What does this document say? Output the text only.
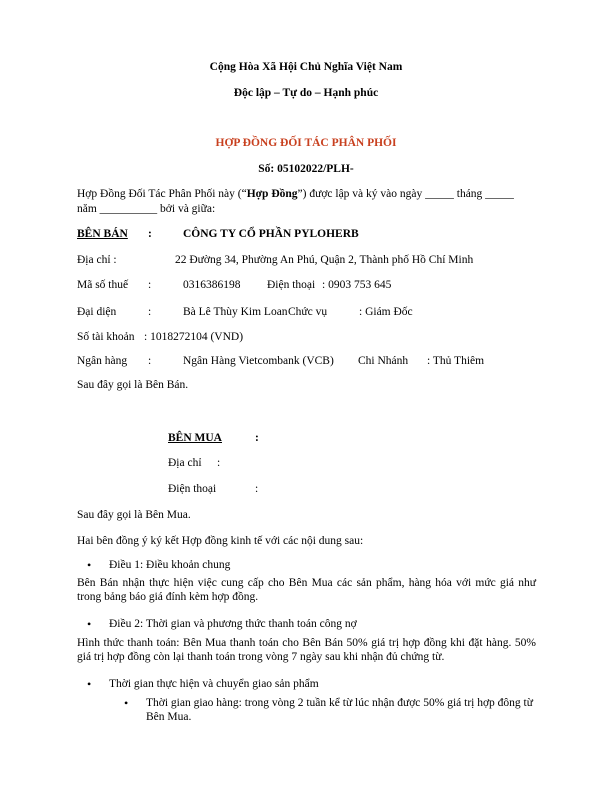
Cộng Hòa Xã Hội Chủ Nghĩa Việt Nam
Độc lập – Tự do – Hạnh phúc
HỢP ĐỒNG ĐỐI TÁC PHÂN PHỐI
Số: 05102022/PLH-
Hợp Đồng Đối Tác Phân Phối này (“Hợp Đồng”) được lập và ký vào ngày _____ tháng _____
năm __________ bởi và giữa:
BÊN BÁN :	CÔNG TY CỔ PHẦN PYLOHERB
Địa chỉ :	22 Đường 34, Phường An Phú, Quận 2, Thành phố Hồ Chí Minh
Mã số thuế :	0316386198 Điện thoại : 0903 753 645
Đại diện	:	Bà Lê Thùy Kim Loan Chức vụ	: Giám Đốc
Số tài khoản : 1018272104 (VND)
Ngân hàng :	Ngân Hàng Vietcombank (VCB) Chi Nhánh : Thủ Thiêm
Sau đây gọi là Bên Bán.
BÊN MUA	:
Địa chỉ :
Điện thoại	:
Sau đây gọi là Bên Mua.
Hai bên đồng ý ký kết Hợp đồng kinh tế với các nội dung sau:
• Điều 1: Điều khoản chung
Bên Bán nhận thực hiện việc cung cấp cho Bên Mua các sản phẩm, hàng hóa với mức giá như trong bảng báo giá đính kèm hợp đồng.
• Điều 2: Thời gian và phương thức thanh toán công nợ
Hình thức thanh toán: Bên Mua thanh toán cho Bên Bán 50% giá trị hợp đồng khi đặt hàng. 50% giá trị hợp đồng còn lại thanh toán trong vòng 7 ngày sau khi nhận đủ chứng từ.
• Thời gian thực hiện và chuyển giao sản phẩm
• Thời gian giao hàng: trong vòng 2 tuần kể từ lúc nhận được 50% giá trị hợp đông từ Bên Mua.
